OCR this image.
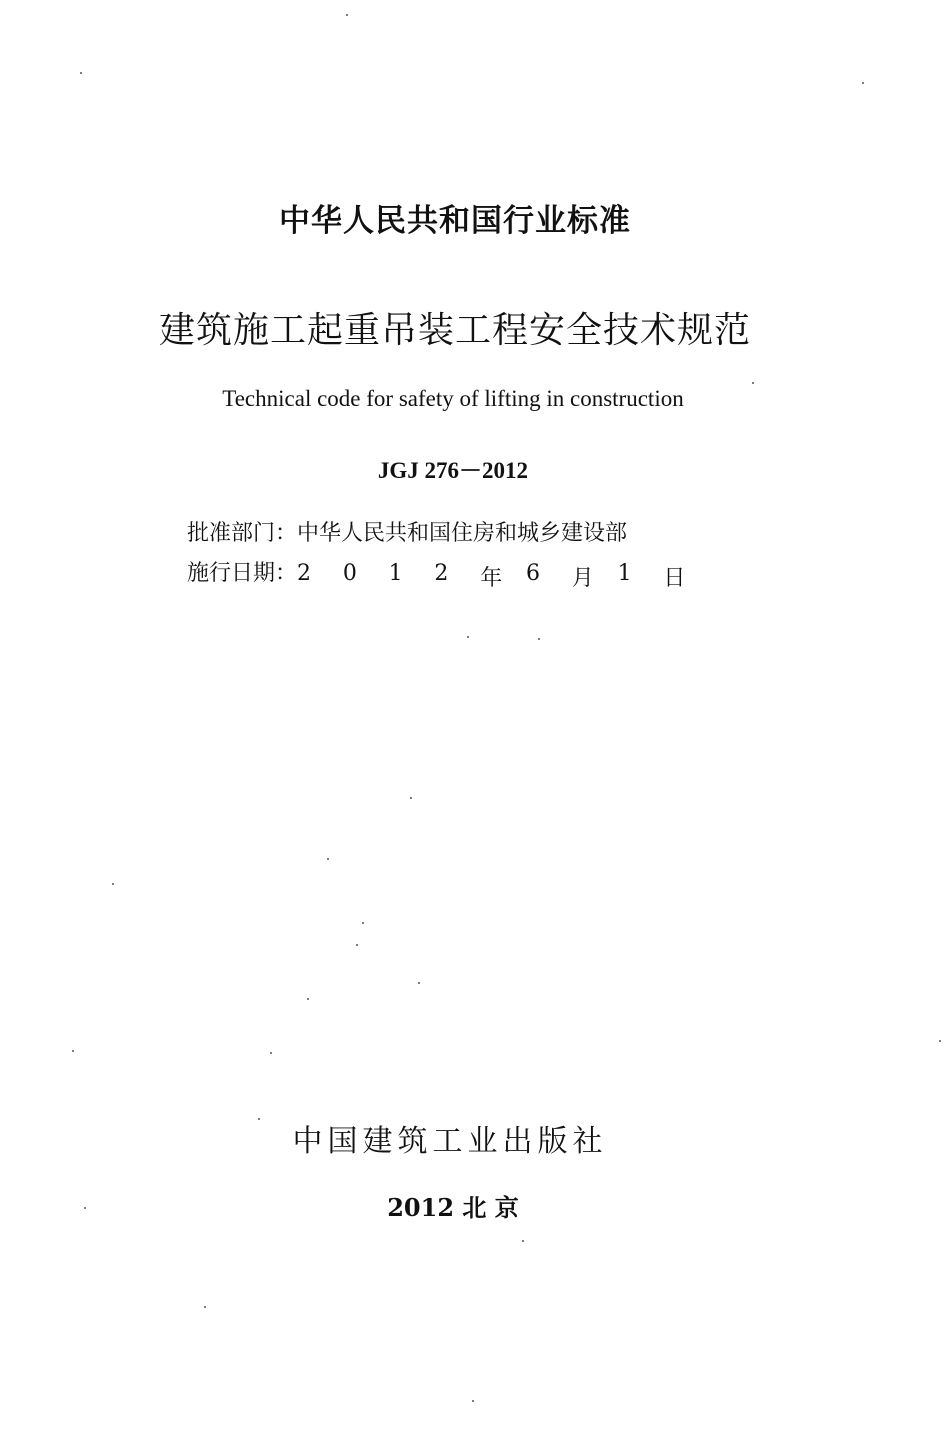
中华人民共和国行业标准
建筑施工起重吊装工程安全技术规范
Technical code for safety of lifting in construction
JGJ 276－2012
批准部门：中华人民共和国住房和城乡建设部
施行日期： 2	0	1	2	年	6	月	1	日
中国建筑工业出版社
2012 北 京
